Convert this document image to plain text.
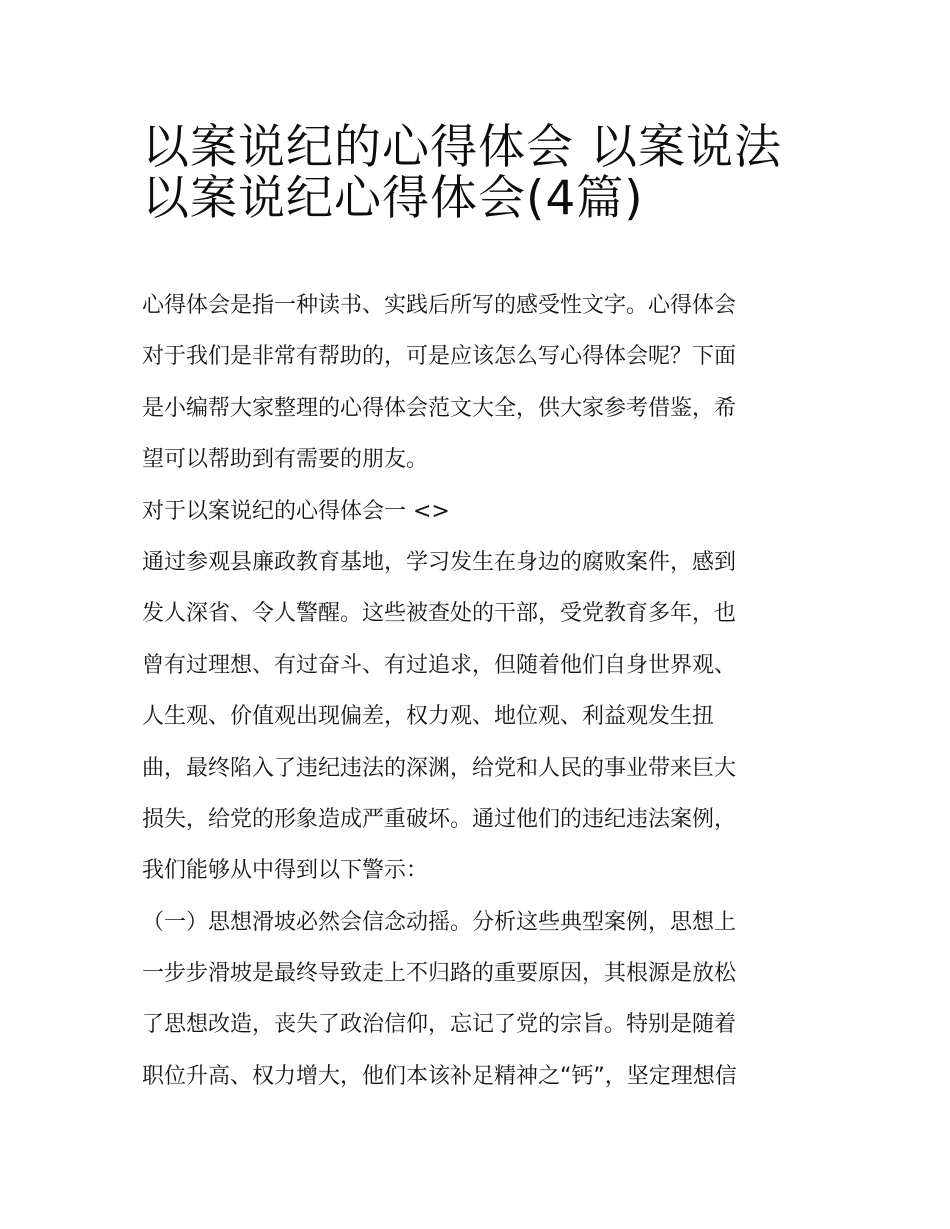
以案说纪的心得体会 以案说法
以案说纪心得体会(4篇)

心得体会是指一种读书、实践后所写的感受性文字。心得体会
对于我们是非常有帮助的，可是应该怎么写心得体会呢？下面
是小编帮大家整理的心得体会范文大全，供大家参考借鉴，希
望可以帮助到有需要的朋友。

对于以案说纪的心得体会一 <>

通过参观县廉政教育基地，学习发生在身边的腐败案件，感到
发人深省、令人警醒。这些被查处的干部，受党教育多年，也
曾有过理想、有过奋斗、有过追求，但随着他们自身世界观、
人生观、价值观出现偏差，权力观、地位观、利益观发生扭
曲，最终陷入了违纪违法的深渊，给党和人民的事业带来巨大
损失，给党的形象造成严重破坏。通过他们的违纪违法案例，
我们能够从中得到以下警示：

（一）思想滑坡必然会信念动摇。分析这些典型案例，思想上
一步步滑坡是最终导致走上不归路的重要原因，其根源是放松
了思想改造，丧失了政治信仰，忘记了党的宗旨。特别是随着
职位升高、权力增大，他们本该补足精神之“钙”，坚定理想信
